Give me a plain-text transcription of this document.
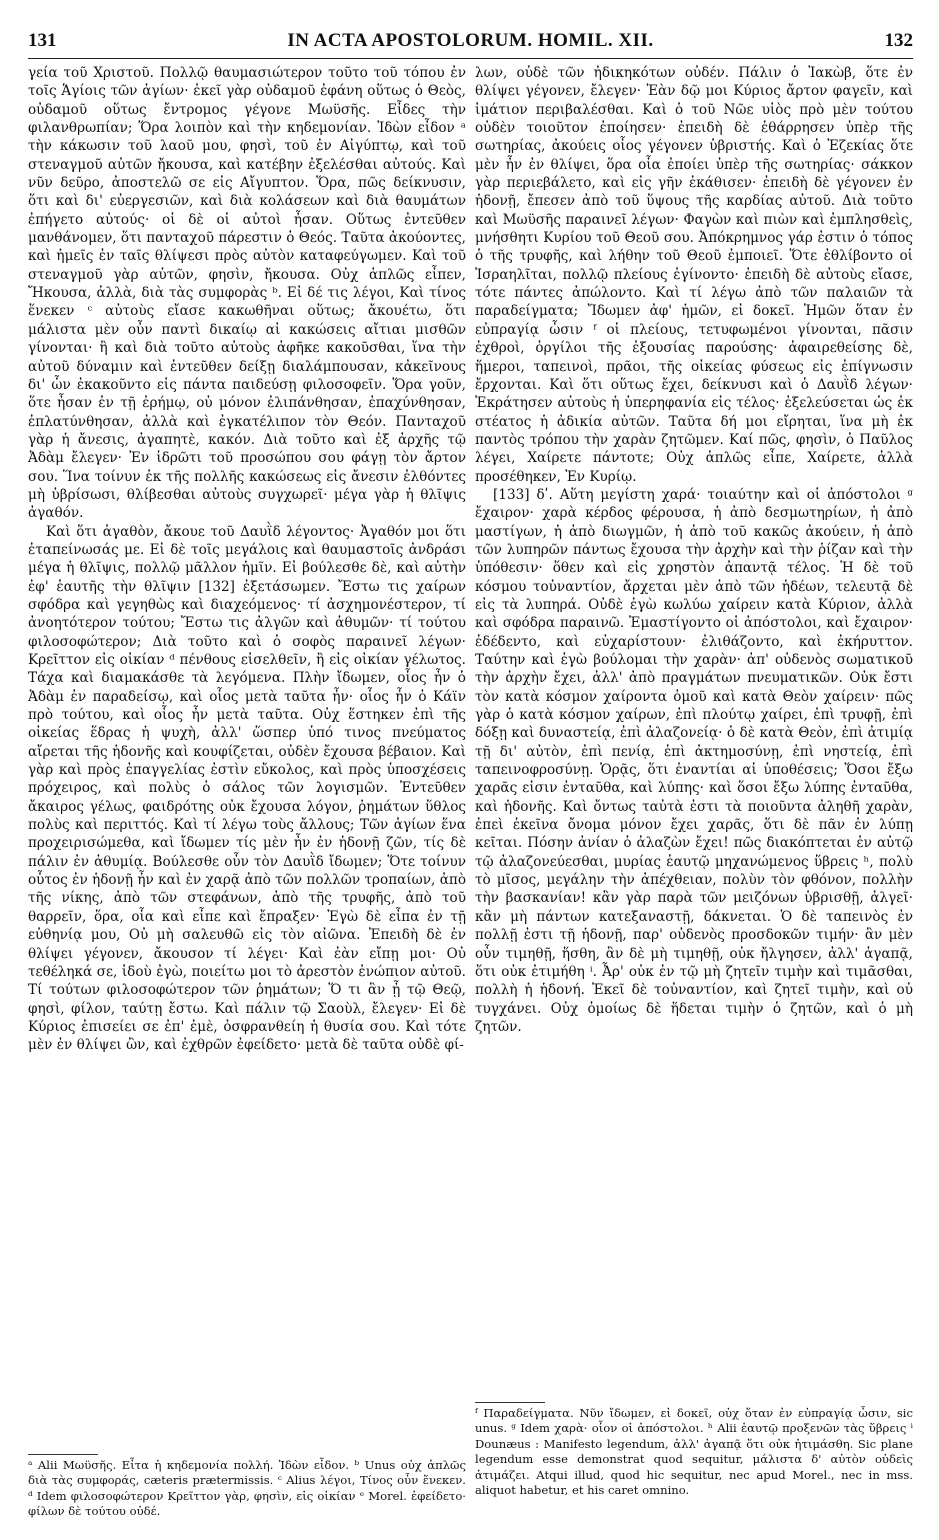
131	IN ACTA APOSTOLORUM. HOMIL. XII.	132

γεία τοῦ Χριστοῦ. Πολλῷ θαυμασιώτερον τοῦτο τοῦ τόπου ἐν τοῖς Ἁγίοις τῶν ἁγίων· ἐκεῖ γὰρ οὐδαμοῦ ἐφάνη οὕτως ὁ Θεὸς, οὐδαμοῦ οὕτως ἔντρομος γέγονε Μωϋσῆς. Εἶδες τὴν φιλανθρωπίαν; Ὅρα λοιπὸν καὶ τὴν κηδεμονίαν. Ἰδὼν εἶδον ᵃ τὴν κάκωσιν τοῦ λαοῦ μου, φησὶ, τοῦ ἐν Αἰγύπτῳ, καὶ τοῦ στεναγμοῦ αὐτῶν ἤκουσα, καὶ κατέβην ἐξελέσθαι αὐτούς. Καὶ νῦν δεῦρο, ἀποστελῶ σε εἰς Αἴγυπτον. Ὅρα, πῶς δείκνυσιν, ὅτι καὶ δι' εὐεργεσιῶν, καὶ διὰ κολάσεων καὶ διὰ θαυμάτων ἐπήγετο αὐτούς· οἱ δὲ οἱ αὐτοὶ ἦσαν. Οὕτως ἐντεῦθεν μανθάνομεν, ὅτι πανταχοῦ πάρεστιν ὁ Θεός. Ταῦτα ἀκούοντες, καὶ ἡμεῖς ἐν ταῖς θλίψεσι πρὸς αὐτὸν καταφεύγωμεν. Καὶ τοῦ στεναγμοῦ γὰρ αὐτῶν, φησὶν, ἤκουσα. Οὐχ ἁπλῶς εἶπεν, Ἤκουσα, ἀλλὰ, διὰ τὰς συμφορὰς ᵇ. Εἰ δέ τις λέγοι, Καὶ τίνος ἕνεκεν ᶜ αὐτοὺς εἴασε κακωθῆναι οὕτως; ἄκουέτω, ὅτι μάλιστα μὲν οὖν παντὶ δικαίῳ αἱ κακώσεις αἴτιαι μισθῶν γίνονται· ἢ καὶ διὰ τοῦτο αὐτοὺς ἀφῆκε κακοῦσθαι, ἵνα τὴν αὐτοῦ δύναμιν καὶ ἐντεῦθεν δείξῃ διαλάμπουσαν, κἀκεῖνους δι' ὧν ἐκακοῦντο εἰς πάντα παιδεύσῃ φιλοσοφεῖν. Ὅρα γοῦν, ὅτε ἦσαν ἐν τῇ ἐρήμῳ, οὐ μόνον ἐλιπάνθησαν, ἐπαχύνθησαν, ἐπλατύνθησαν, ἀλλὰ καὶ ἐγκατέλιπον τὸν Θεόν. Πανταχοῦ γὰρ ἡ ἄνεσις, ἀγαπητὲ, κακόν. Διὰ τοῦτο καὶ ἐξ ἀρχῆς τῷ Ἀδὰμ ἔλεγεν· Ἐν ἱδρῶτι τοῦ προσώπου σου φάγῃ τὸν ἄρτον σου. Ἵνα τοίνυν ἐκ τῆς πολλῆς κακώσεως εἰς ἄνεσιν ἐλθόντες μὴ ὑβρίσωσι, θλίβεσθαι αὐτοὺς συγχωρεῖ· μέγα γὰρ ἡ θλῖψις ἀγαθόν.

Καὶ ὅτι ἀγαθὸν, ἄκουε τοῦ Δαυῒδ λέγοντος· Ἀγαθόν μοι ὅτι ἐταπείνωσάς με. Εἰ δὲ τοῖς μεγάλοις καὶ θαυμαστοῖς ἀνδράσι μέγα ἡ θλῖψις, πολλῷ μᾶλλον ἡμῖν. Εἰ βούλεσθε δὲ, καὶ αὐτὴν ἐφ' ἑαυτῆς τὴν θλῖψιν [132] ἐξετάσωμεν. Ἔστω τις χαίρων σφόδρα καὶ γεγηθὼς καὶ διαχεόμενος· τί ἀσχημονέστερον, τί ἀνοητότερον τούτου; Ἔστω τις ἀλγῶν καὶ ἀθυμῶν· τί τούτου φιλοσοφώτερον; Διὰ τοῦτο καὶ ὁ σοφὸς παραινεῖ λέγων· Κρεῖττον εἰς οἰκίαν ᵈ πένθους εἰσελθεῖν, ἢ εἰς οἰκίαν γέλωτος. Τάχα καὶ διαμακάσθε τὰ λεγόμενα. Πλὴν ἴδωμεν, οἷος ἦν ὁ Ἀδὰμ ἐν παραδείσῳ, καὶ οἷος μετὰ ταῦτα ἦν· οἷος ἦν ὁ Κάϊν πρὸ τούτου, καὶ οἷος ἦν μετὰ ταῦτα. Οὐχ ἕστηκεν ἐπὶ τῆς οἰκείας ἕδρας ἡ ψυχὴ, ἀλλ' ὥσπερ ὑπό τινος πνεύματος αἴρεται τῆς ἡδονῆς καὶ κουφίζεται, οὐδὲν ἔχουσα βέβαιον. Καὶ γὰρ καὶ πρὸς ἐπαγγελίας ἐστὶν εὔκολος, καὶ πρὸς ὑποσχέσεις πρόχειρος, καὶ πολὺς ὁ σάλος τῶν λογισμῶν. Ἐντεῦθεν ἄκαιρος γέλως, φαιδρότης οὐκ ἔχουσα λόγον, ῥημάτων ὕθλος πολὺς καὶ περιττός. Καὶ τί λέγω τοὺς ἄλλους; Τῶν ἁγίων ἕνα προχειρισώμεθα, καὶ ἴδωμεν τίς μὲν ἦν ἐν ἡδονῇ ζῶν, τίς δὲ πάλιν ἐν ἀθυμίᾳ. Βούλεσθε οὖν τὸν Δαυῒδ ἴδωμεν; Ὅτε τοίνυν οὗτος ἐν ἡδονῇ ἦν καὶ ἐν χαρᾷ ἀπὸ τῶν πολλῶν τροπαίων, ἀπὸ τῆς νίκης, ἀπὸ τῶν στεφάνων, ἀπὸ τῆς τρυφῆς, ἀπὸ τοῦ θαρρεῖν, ὅρα, οἷα καὶ εἶπε καὶ ἔπραξεν· Ἐγὼ δὲ εἶπα ἐν τῇ εὐθηνίᾳ μου, Οὐ μὴ σαλευθῶ εἰς τὸν αἰῶνα. Ἐπειδὴ δὲ ἐν θλίψει γέγονεν, ἄκουσον τί λέγει· Καὶ ἐὰν εἴπῃ μοι· Οὐ τεθέληκά σε, ἰδοὺ ἐγὼ, ποιείτω μοι τὸ ἀρεστὸν ἐνώπιον αὐτοῦ. Τί τούτων φιλοσοφώτερον τῶν ῥημάτων; Ὅ τι ἂν ᾖ τῷ Θεῷ, φησὶ, φίλον, ταύτῃ ἔστω. Καὶ πάλιν τῷ Σαοὺλ, ἔλεγεν· Εἰ δὲ Κύριος ἐπισείει σε ἐπ' ἐμὲ, ὀσφρανθείη ἡ θυσία σου. Καὶ τότε μὲν ἐν θλίψει ὢν, καὶ ἐχθρῶν ἐφείδετο· μετὰ δὲ ταῦτα οὐδὲ φί-

λων, οὐδὲ τῶν ἠδικηκότων οὐδέν. Πάλιν ὁ Ἰακὼβ, ὅτε ἐν θλίψει γέγονεν, ἔλεγεν· Ἐὰν δῷ μοι Κύριος ἄρτον φαγεῖν, καὶ ἱμάτιον περιβαλέσθαι. Καὶ ὁ τοῦ Νῶε υἱὸς πρὸ μὲν τούτου οὐδὲν τοιοῦτον ἐποίησεν· ἐπειδὴ δὲ ἐθάρρησεν ὑπὲρ τῆς σωτηρίας, ἀκούεις οἷος γέγονεν ὑβριστής. Καὶ ὁ Ἐζεκίας ὅτε μὲν ἦν ἐν θλίψει, ὅρα οἷα ἐποίει ὑπὲρ τῆς σωτηρίας· σάκκον γὰρ περιεβάλετο, καὶ εἰς γῆν ἐκάθισεν· ἐπειδὴ δὲ γέγονεν ἐν ἡδονῇ, ἔπεσεν ἀπὸ τοῦ ὕψους τῆς καρδίας αὐτοῦ. Διὰ τοῦτο καὶ Μωϋσῆς παραινεῖ λέγων· Φαγὼν καὶ πιὼν καὶ ἐμπλησθεὶς, μνήσθητι Κυρίου τοῦ Θεοῦ σου. Ἀπόκρημνος γάρ ἐστιν ὁ τόπος ὁ τῆς τρυφῆς, καὶ λήθην τοῦ Θεοῦ ἐμποιεῖ. Ὅτε ἐθλίβοντο οἱ Ἰσραηλῖται, πολλῷ πλείους ἐγίνοντο· ἐπειδὴ δὲ αὐτοὺς εἴασε, τότε πάντες ἀπώλοντο. Καὶ τί λέγω ἀπὸ τῶν παλαιῶν τὰ παραδείγματα; Ἴδωμεν ἀφ' ἡμῶν, εἰ δοκεῖ. Ἡμῶν ὅταν ἐν εὐπραγίᾳ ὦσιν ᶠ οἱ πλείους, τετυφωμένοι γίνονται, πᾶσιν ἐχθροὶ, ὀργίλοι τῆς ἐξουσίας παρούσης· ἀφαιρεθείσης δὲ, ἥμεροι, ταπεινοὶ, πρᾶοι, τῆς οἰκείας φύσεως εἰς ἐπίγνωσιν ἔρχονται. Καὶ ὅτι οὕτως ἔχει, δείκνυσι καὶ ὁ Δαυῒδ λέγων· Ἐκράτησεν αὐτοὺς ἡ ὑπερηφανία εἰς τέλος· ἐξελεύσεται ὡς ἐκ στέατος ἡ ἀδικία αὐτῶν. Ταῦτα δή μοι εἴρηται, ἵνα μὴ ἐκ παντὸς τρόπου τὴν χαρὰν ζητῶμεν. Καί πῶς, φησὶν, ὁ Παῦλος λέγει, Χαίρετε πάντοτε; Οὐχ ἁπλῶς εἶπε, Χαίρετε, ἀλλὰ προσέθηκεν, Ἐν Κυρίῳ.

[133] δʹ. Αὕτη μεγίστη χαρά· τοιαύτην καὶ οἱ ἀπόστολοι ᵍ ἔχαιρον· χαρὰ κέρδος φέρουσα, ἡ ἀπὸ δεσμωτηρίων, ἡ ἀπὸ μαστίγων, ἡ ἀπὸ διωγμῶν, ἡ ἀπὸ τοῦ κακῶς ἀκούειν, ἡ ἀπὸ τῶν λυπηρῶν πάντως ἔχουσα τὴν ἀρχὴν καὶ τὴν ῥίζαν καὶ τὴν ὑπόθεσιν· ὅθεν καὶ εἰς χρηστὸν ἀπαντᾷ τέλος. Ἡ δὲ τοῦ κόσμου τοὐναντίον, ἄρχεται μὲν ἀπὸ τῶν ἡδέων, τελευτᾷ δὲ εἰς τὰ λυπηρά. Οὐδὲ ἐγὼ κωλύω χαίρειν κατὰ Κύριον, ἀλλὰ καὶ σφόδρα παραινῶ. Ἐμαστίγοντο οἱ ἀπόστολοι, καὶ ἔχαιρον· ἐδέδεντο, καὶ εὐχαρίστουν· ἐλιθάζοντο, καὶ ἐκήρυττον. Ταύτην καὶ ἐγὼ βούλομαι τὴν χαρὰν· ἀπ' οὐδενὸς σωματικοῦ τὴν ἀρχὴν ἔχει, ἀλλ' ἀπὸ πραγμάτων πνευματικῶν. Οὐκ ἔστι τὸν κατὰ κόσμον χαίροντα ὁμοῦ καὶ κατὰ Θεὸν χαίρειν· πῶς γὰρ ὁ κατὰ κόσμον χαίρων, ἐπὶ πλούτῳ χαίρει, ἐπὶ τρυφῇ, ἐπὶ δόξῃ καὶ δυναστείᾳ, ἐπὶ ἀλαζονείᾳ· ὁ δὲ κατὰ Θεὸν, ἐπὶ ἀτιμίᾳ τῇ δι' αὐτὸν, ἐπὶ πενίᾳ, ἐπὶ ἀκτημοσύνῃ, ἐπὶ νηστείᾳ, ἐπὶ ταπεινοφροσύνῃ. Ὁρᾷς, ὅτι ἐναντίαι αἱ ὑποθέσεις; Ὅσοι ἔξω χαρᾶς εἰσιν ἐνταῦθα, καὶ λύπης· καὶ ὅσοι ἔξω λύπης ἐνταῦθα, καὶ ἡδονῆς. Καὶ ὄντως ταὐτὰ ἐστι τὰ ποιοῦντα ἀληθῆ χαρὰν, ἐπεὶ ἐκεῖνα ὄνομα μόνον ἔχει χαρᾶς, ὅτι δὲ πᾶν ἐν λύπῃ κεῖται. Πόσην ἀνίαν ὁ ἀλαζὼν ἔχει! πῶς διακόπτεται ἐν αὐτῷ τῷ ἀλαζονεύεσθαι, μυρίας ἑαυτῷ μηχανώμενος ὕβρεις ʰ, πολὺ τὸ μῖσος, μεγάλην τὴν ἀπέχθειαν, πολὺν τὸν φθόνον, πολλὴν τὴν βασκανίαν! κἂν γὰρ παρὰ τῶν μειζόνων ὑβρισθῇ, ἀλγεῖ· κἂν μὴ πάντων κατεξαναστῇ, δάκνεται. Ὁ δὲ ταπεινὸς ἐν πολλῇ ἐστι τῇ ἡδονῇ, παρ' οὐδενὸς προσδοκῶν τιμήν· ἂν μὲν οὖν τιμηθῇ, ἥσθη, ἂν δὲ μὴ τιμηθῇ, οὐκ ἤλγησεν, ἀλλ' ἀγαπᾷ, ὅτι οὐκ ἐτιμήθη ⁱ. Ἆρ' οὐκ ἐν τῷ μὴ ζητεῖν τιμὴν καὶ τιμᾶσθαι, πολλὴ ἡ ἡδονή. Ἐκεῖ δὲ τοὐναντίον, καὶ ζητεῖ τιμὴν, καὶ οὐ τυγχάνει. Οὐχ ὁμοίως δὲ ἥδεται τιμὴν ὁ ζητῶν, καὶ ὁ μὴ ζητῶν.

ᵃ Alii Μωϋσῆς. Εἶτα ἡ κηδεμονία πολλή. Ἰδὼν εἶδον. ᵇ Unus οὐχ ἁπλῶς διὰ τὰς συμφοράς, cæteris prætermissis. ᶜ Alius λέγοι, Τίνος οὖν ἕνεκεν. ᵈ Idem φιλοσοφώτερον Κρεῖττον γὰρ, φησὶν, εἰς οἰκίαν ᵉ Morel. ἐφείδετο· φίλων δὲ τούτου οὐδέ.
ᶠ Παραδείγματα. Νῦν ἴδωμεν, εἰ δοκεῖ, οὐχ ὅταν ἐν εὐπραγίᾳ ὦσιν, sic unus. ᵍ Idem χαρὰ· οἷον οἱ ἀπόστολοι. ʰ Alii ἑαυτῷ προξενῶν τὰς ὕβρεις ⁱ Dounæus : Manifesto legendum, ἀλλ' ἀγαπᾷ ὅτι οὐκ ἠτιμάσθη. Sic plane legendum esse demonstrat quod sequitur, μάλιστα δ' αὐτὸν οὐδεὶς ἀτιμάζει. Atqui illud, quod hic sequitur, nec apud Morel., nec in mss. aliquot habetur, et his caret omnino.
